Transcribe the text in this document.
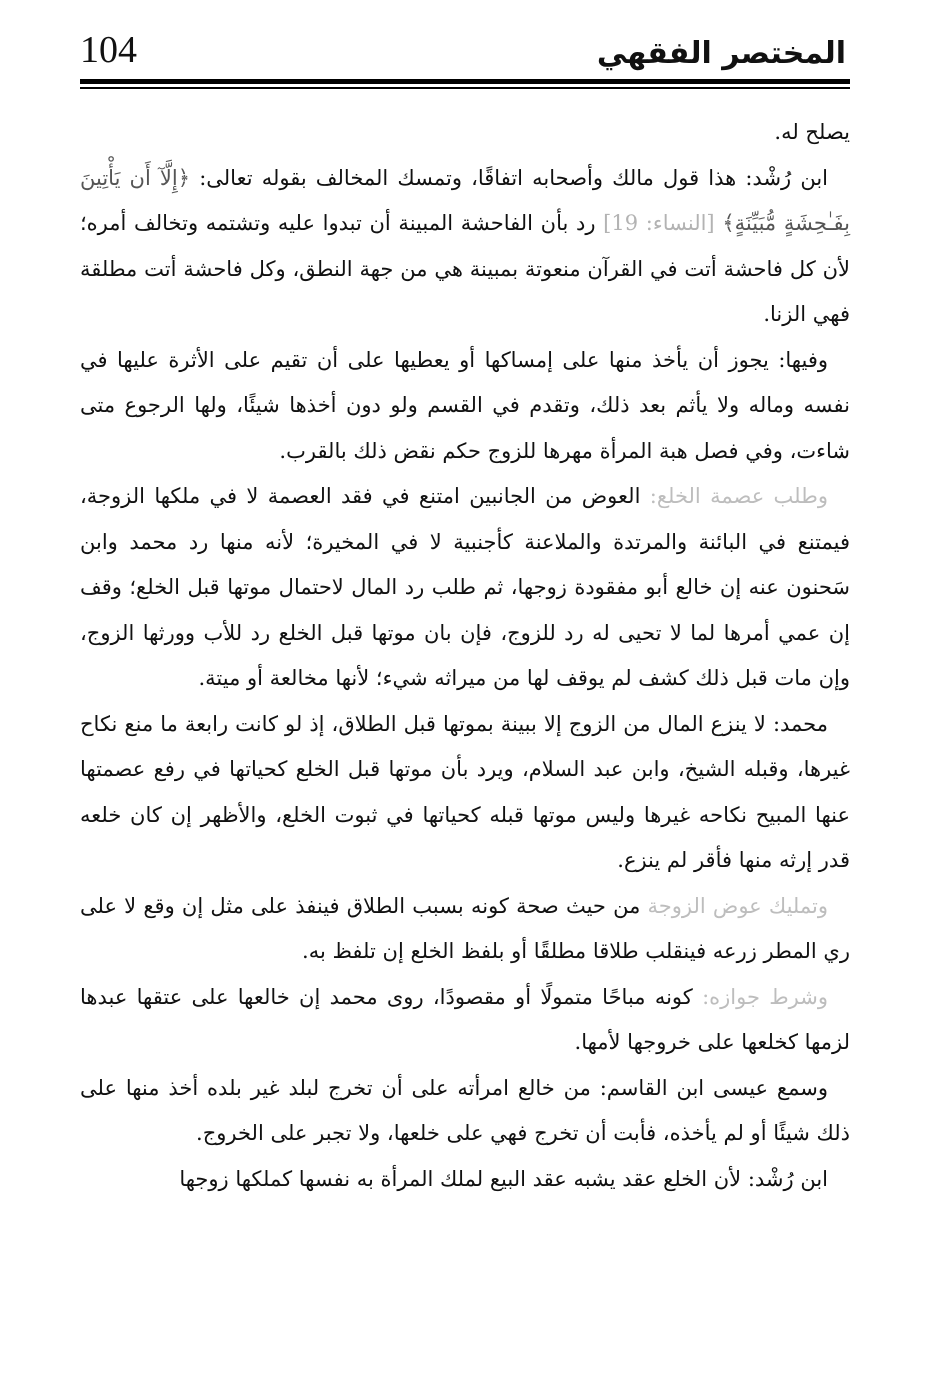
104	المختصر الفقهي

يصلح له.

ابن رُشْد: هذا قول مالك وأصحابه اتفاقًا، وتمسك المخالف بقوله تعالى: ﴿إِلَّآ أَن يَأْتِينَ بِفَـٰحِشَةٍ مُّبَيِّنَةٍ﴾ [النساء: 19] رد بأن الفاحشة المبينة أن تبدوا عليه وتشتمه وتخالف أمره؛ لأن كل فاحشة أتت في القرآن منعوتة بمبينة هي من جهة النطق، وكل فاحشة أتت مطلقة فهي الزنا.

وفيها: يجوز أن يأخذ منها على إمساكها أو يعطيها على أن تقيم على الأثرة عليها في نفسه وماله ولا يأثم بعد ذلك، وتقدم في القسم ولو دون أخذها شيئًا، ولها الرجوع متى شاءت، وفي فصل هبة المرأة مهرها للزوج حكم نقض ذلك بالقرب.

وطلب عصمة الخلع: العوض من الجانبين امتنع في فقد العصمة لا في ملكها الزوجة، فيمتنع في البائنة والمرتدة والملاعنة كأجنبية لا في المخيرة؛ لأنه منها رد محمد وابن سَحنون عنه إن خالع أبو مفقودة زوجها، ثم طلب رد المال لاحتمال موتها قبل الخلع؛ وقف إن عمي أمرها لما لا تحيى له رد للزوج، فإن بان موتها قبل الخلع رد للأب وورثها الزوج، وإن مات قبل ذلك كشف لم يوقف لها من ميراثه شيء؛ لأنها مخالعة أو ميتة.

محمد: لا ينزع المال من الزوج إلا ببينة بموتها قبل الطلاق، إذ لو كانت رابعة ما منع نكاح غيرها، وقبله الشيخ، وابن عبد السلام، ويرد بأن موتها قبل الخلع كحياتها في رفع عصمتها عنها المبيح نكاحه غيرها وليس موتها قبله كحياتها في ثبوت الخلع، والأظهر إن كان خلعه قدر إرثه منها فأقر لم ينزع.

وتمليك عوض الزوجة من حيث صحة كونه بسبب الطلاق فينفذ على مثل إن وقع لا على ري المطر زرعه فينقلب طلاقا مطلقًا أو بلفظ الخلع إن تلفظ به.

وشرط جوازه: كونه مباحًا متمولًا أو مقصودًا، روى محمد إن خالعها على عتقها عبدها لزمها كخلعها على خروجها لأمها.

وسمع عيسى ابن القاسم: من خالع امرأته على أن تخرج لبلد غير بلده أخذ منها على ذلك شيئًا أو لم يأخذه، فأبت أن تخرج فهي على خلعها، ولا تجبر على الخروج.

ابن رُشْد: لأن الخلع عقد يشبه عقد البيع لملك المرأة به نفسها كملكها زوجها
